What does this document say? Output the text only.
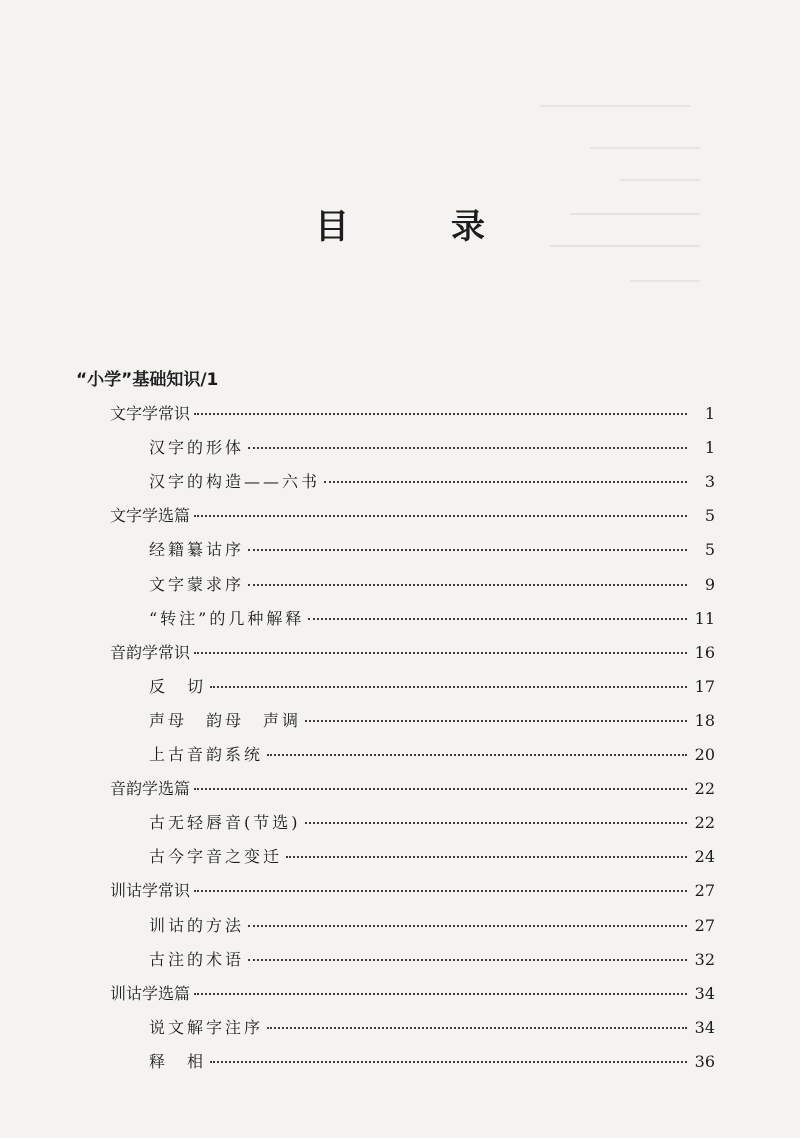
目　录
“小学”基础知识/1
文字学常识	1
汉字的形体	1
汉字的构造——六书	3
文字学选篇	5
经籍纂诂序	5
文字蒙求序	9
“转注”的几种解释	11
音韵学常识	16
反　切	17
声母　韵母　声调	18
上古音韵系统	20
音韵学选篇	22
古无轻唇音(节选)	22
古今字音之变迁	24
训诂学常识	27
训诂的方法	27
古注的术语	32
训诂学选篇	34
说文解字注序	34
释　相	36
